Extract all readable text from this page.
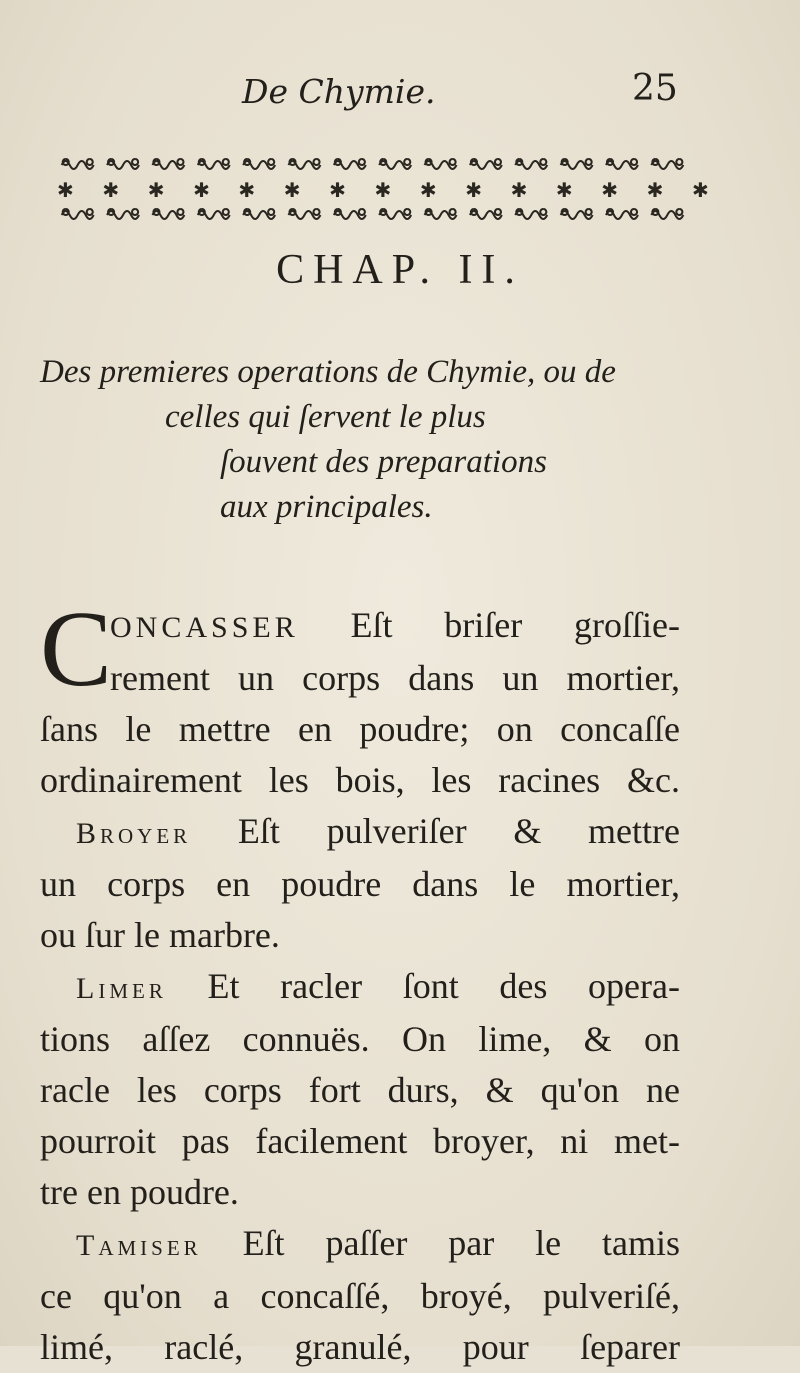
De Chymie.	25
✱ ✱ ✱ ✱ ✱ ✱ ✱ ✱ ✱ ✱ ✱ ✱ ✱ ✱ ✱
CHAP. II.
Des premieres operations de Chymie, ou de
celles qui ſervent le plus
ſouvent des preparations
aux principales.
C
ONCASSER Eſt briſer groſſie-
rement un corps dans un mortier,
ſans le mettre en poudre; on concaſſe
ordinairement les bois, les racines &c.
Broyer Eſt pulveriſer & mettre
un corps en poudre dans le mortier,
ou ſur le marbre.
Limer Et racler ſont des opera-
tions aſſez connuës. On lime, & on
racle les corps fort durs, & qu'on ne
pourroit pas facilement broyer, ni met-
tre en poudre.
Tamiser Eſt paſſer par le tamis
ce qu'on a concaſſé, broyé, pulveriſé,
limé, raclé, granulé, pour ſeparer
